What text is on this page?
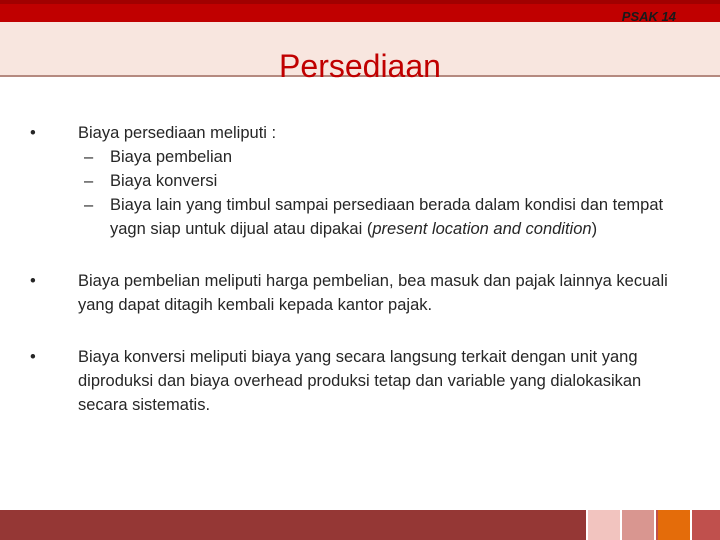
PSAK 14
Persediaan
•	Biaya persediaan meliputi :
– Biaya pembelian
– Biaya konversi
– Biaya lain yang timbul sampai persediaan berada dalam kondisi dan tempat yagn siap untuk dijual atau dipakai (present location and condition)
•	Biaya pembelian meliputi harga pembelian, bea masuk dan pajak lainnya kecuali yang dapat ditagih kembali kepada kantor pajak.
•	Biaya konversi meliputi biaya yang secara langsung terkait dengan unit yang diproduksi dan biaya overhead produksi tetap dan variable yang dialokasikan secara sistematis.
